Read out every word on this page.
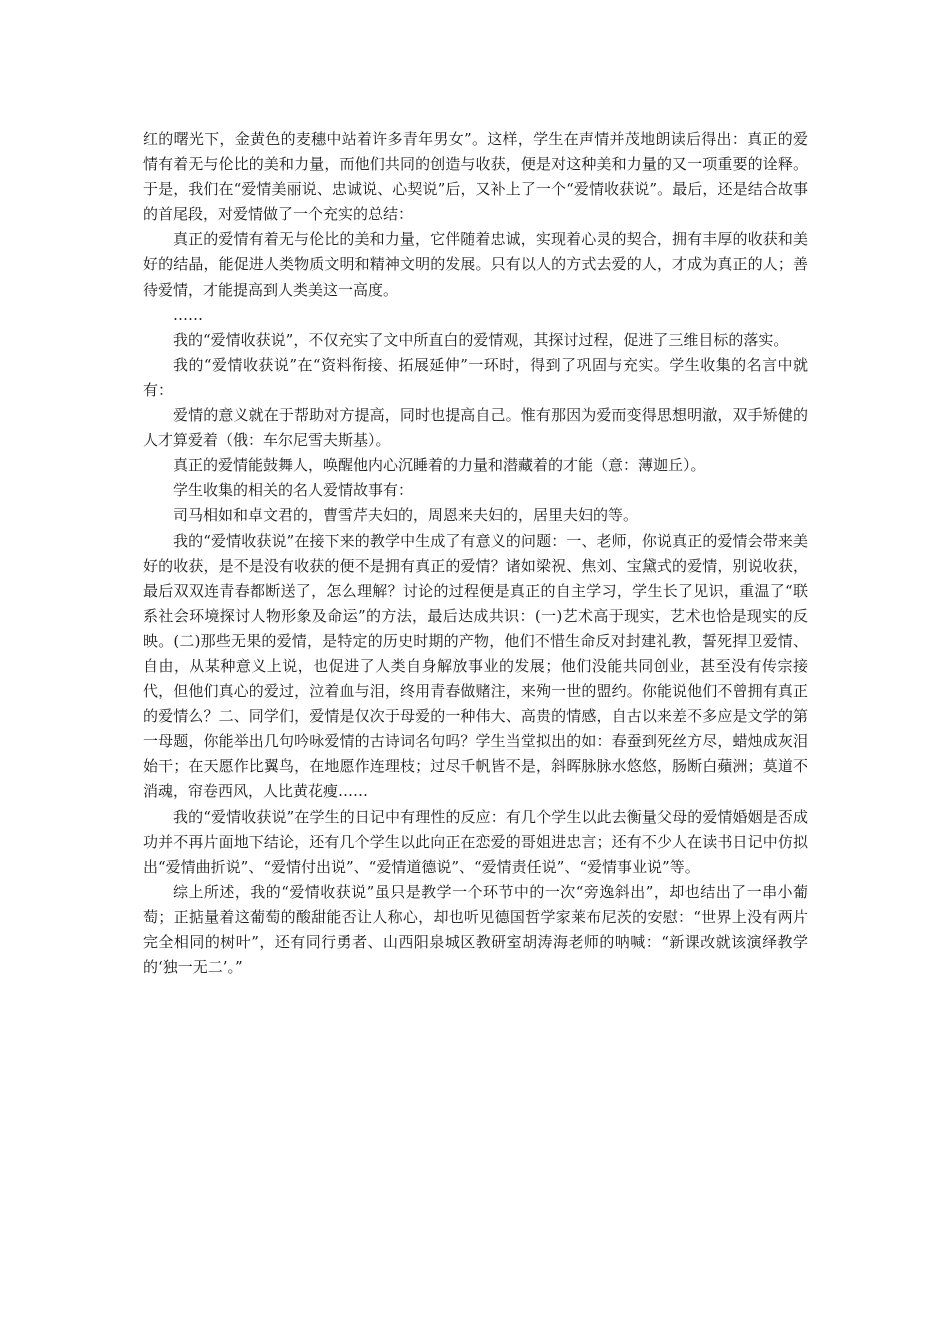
红的曙光下，金黄色的麦穗中站着许多青年男女”。这样，学生在声情并茂地朗读后得出：真正的爱情有着无与伦比的美和力量，而他们共同的创造与收获，便是对这种美和力量的又一项重要的诠释。于是，我们在“爱情美丽说、忠诚说、心契说”后，又补上了一个“爱情收获说”。最后，还是结合故事的首尾段，对爱情做了一个充实的总结：

真正的爱情有着无与伦比的美和力量，它伴随着忠诚，实现着心灵的契合，拥有丰厚的收获和美好的结晶，能促进人类物质文明和精神文明的发展。只有以人的方式去爱的人，才成为真正的人；善待爱情，才能提高到人类美这一高度。

……

我的“爱情收获说”，不仅充实了文中所直白的爱情观，其探讨过程，促进了三维目标的落实。

我的“爱情收获说”在“资料衔接、拓展延伸”一环时，得到了巩固与充实。学生收集的名言中就有：

爱情的意义就在于帮助对方提高，同时也提高自己。惟有那因为爱而变得思想明澈，双手矫健的人才算爱着（俄：车尔尼雪夫斯基）。

真正的爱情能鼓舞人，唤醒他内心沉睡着的力量和潜藏着的才能（意：薄迦丘）。

学生收集的相关的名人爱情故事有：

司马相如和卓文君的，曹雪芹夫妇的，周恩来夫妇的，居里夫妇的等。

我的“爱情收获说”在接下来的教学中生成了有意义的问题：一、老师，你说真正的爱情会带来美好的收获，是不是没有收获的便不是拥有真正的爱情？诸如梁祝、焦刘、宝黛式的爱情，别说收获，最后双双连青春都断送了，怎么理解？讨论的过程便是真正的自主学习，学生长了见识，重温了“联系社会环境探讨人物形象及命运”的方法，最后达成共识：(一)艺术高于现实，艺术也恰是现实的反映。(二)那些无果的爱情，是特定的历史时期的产物，他们不惜生命反对封建礼教，誓死捍卫爱情、自由，从某种意义上说，也促进了人类自身解放事业的发展；他们没能共同创业，甚至没有传宗接代，但他们真心的爱过，泣着血与泪，终用青春做赌注，来殉一世的盟约。你能说他们不曾拥有真正的爱情么？二、同学们，爱情是仅次于母爱的一种伟大、高贵的情感，自古以来差不多应是文学的第一母题，你能举出几句吟咏爱情的古诗词名句吗？学生当堂拟出的如：春蚕到死丝方尽，蜡烛成灰泪始干；在天愿作比翼鸟，在地愿作连理枝；过尽千帆皆不是，斜晖脉脉水悠悠，肠断白蘋洲；莫道不消魂，帘卷西风，人比黄花瘦……

我的“爱情收获说”在学生的日记中有理性的反应：有几个学生以此去衡量父母的爱情婚姻是否成功并不再片面地下结论，还有几个学生以此向正在恋爱的哥姐进忠言；还有不少人在读书日记中仿拟出“爱情曲折说”、“爱情付出说”、“爱情道德说”、“爱情责任说”、“爱情事业说”等。

综上所述，我的“爱情收获说”虽只是教学一个环节中的一次“旁逸斜出”，却也结出了一串小葡萄；正掂量着这葡萄的酸甜能否让人称心，却也听见德国哲学家莱布尼茨的安慰：“世界上没有两片完全相同的树叶”，还有同行勇者、山西阳泉城区教研室胡涛海老师的呐喊：“新课改就该演绎教学的‘独一无二’。”
